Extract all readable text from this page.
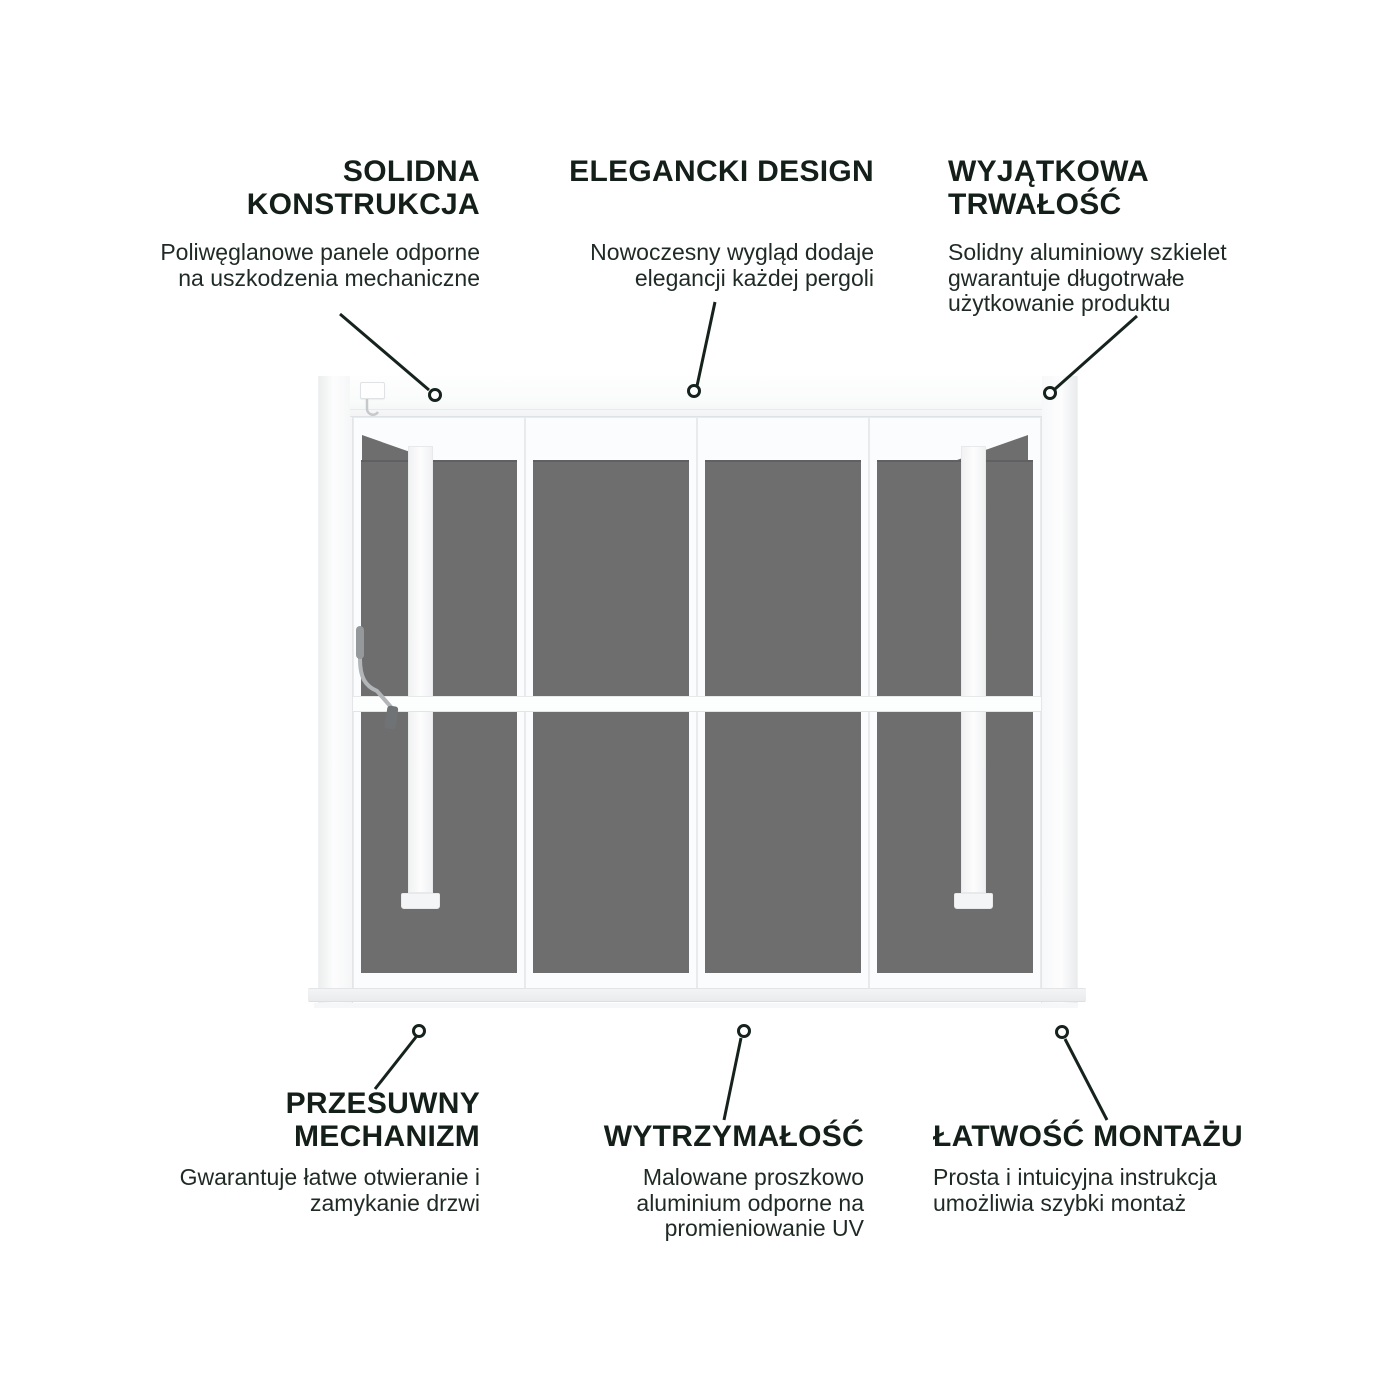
SOLIDNA
KONSTRUKCJA

Poliwęglanowe panele odporne
na uszkodzenia mechaniczne

ELEGANCKI DESIGN

Nowoczesny wygląd dodaje
elegancji każdej pergoli

WYJĄTKOWA
TRWAŁOŚĆ

Solidny aluminiowy szkielet
gwarantuje długotrwałe
użytkowanie produktu

PRZESUWNY
MECHANIZM

Gwarantuje łatwe otwieranie i
zamykanie drzwi

WYTRZYMAŁOŚĆ

Malowane proszkowo
aluminium odporne na
promieniowanie UV

ŁATWOŚĆ MONTAŻU

Prosta i intuicyjna instrukcja
umożliwia szybki montaż
